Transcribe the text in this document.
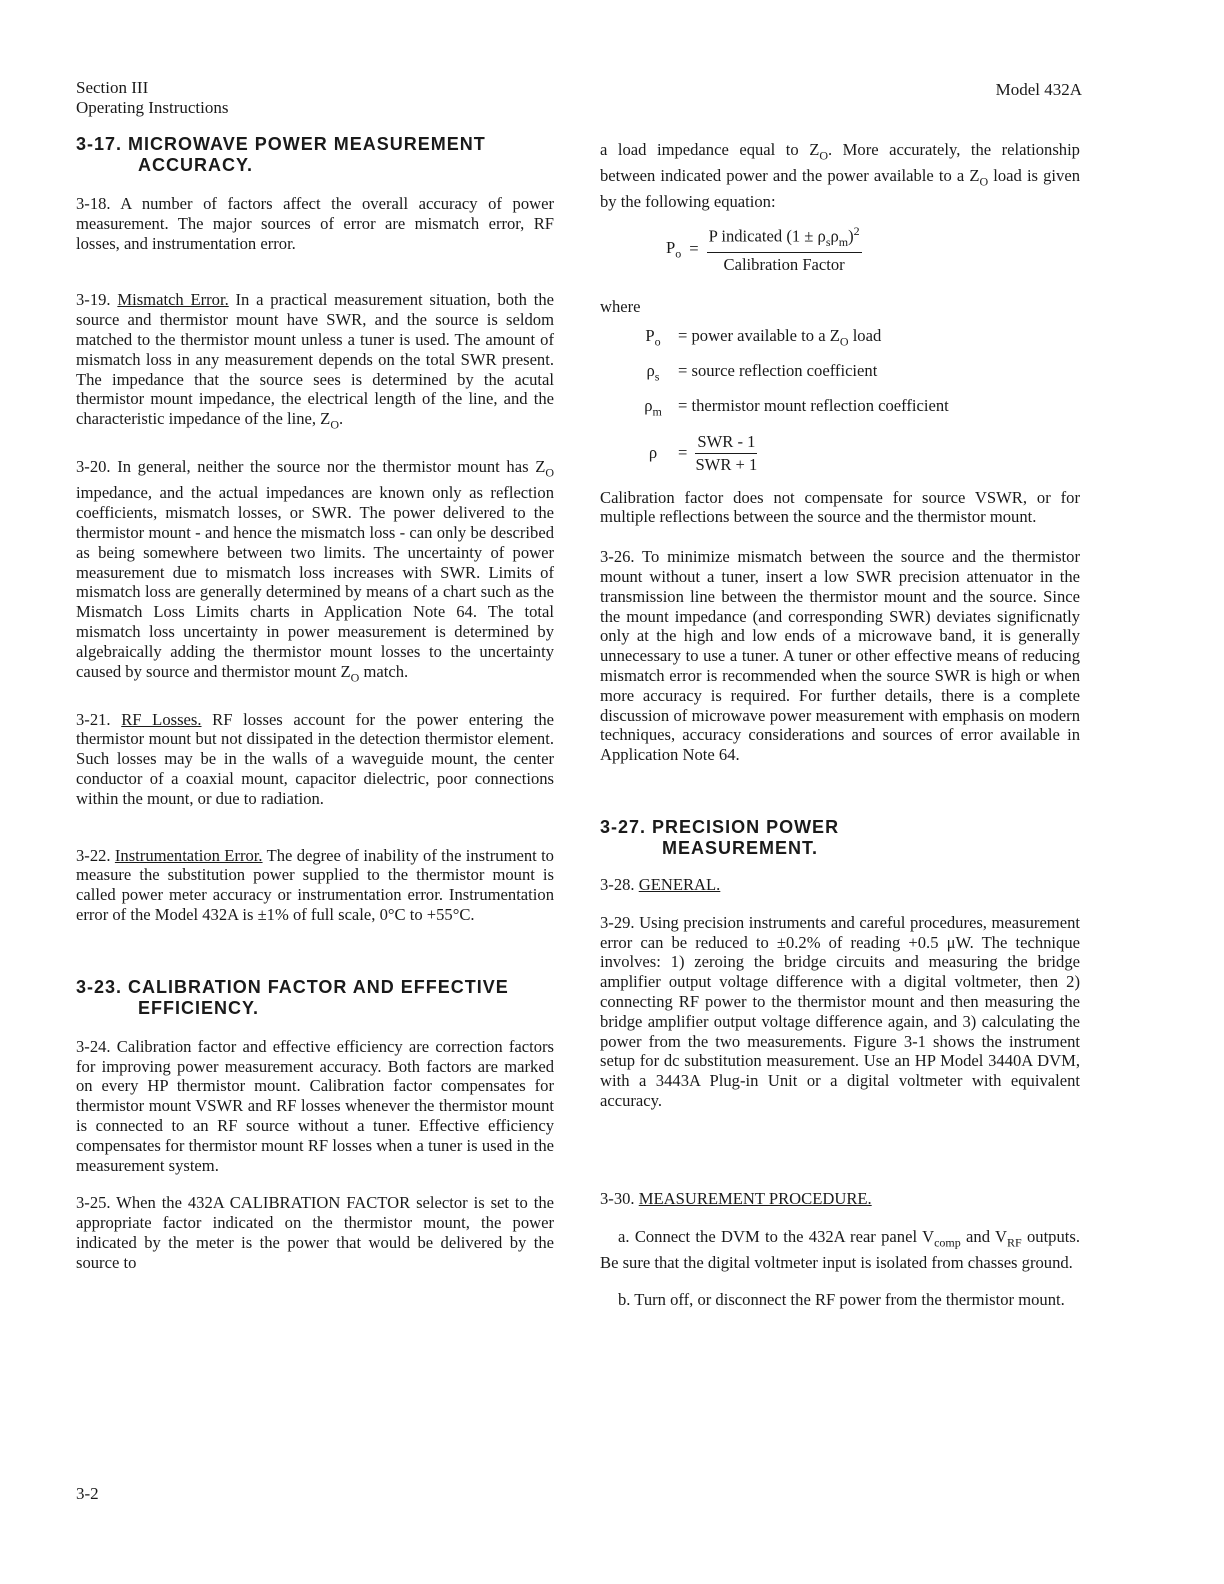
Section III
Operating Instructions
Model 432A
3-17. MICROWAVE POWER MEASUREMENT
ACCURACY.

3-18. A number of factors affect the overall accuracy of power measurement. The major sources of error are mismatch error, RF losses, and instrumentation error.

3-19. Mismatch Error. In a practical measurement situation, both the source and thermistor mount have SWR, and the source is seldom matched to the thermistor mount unless a tuner is used. The amount of mismatch loss in any measurement depends on the total SWR present. The impedance that the source sees is determined by the acutal thermistor mount impedance, the electrical length of the line, and the characteristic impedance of the line, $Z_O$.

3-20. In general, neither the source nor the thermistor mount has $Z_O$ impedance, and the actual impedances are known only as reflection coefficients, mismatch losses, or SWR. The power delivered to the thermistor mount - and hence the mismatch loss - can only be described as being somewhere between two limits. The uncertainty of power measurement due to mismatch loss increases with SWR. Limits of mismatch loss are generally determined by means of a chart such as the Mismatch Loss Limits charts in Application Note 64. The total mismatch loss uncertainty in power measurement is determined by algebraically adding the thermistor mount losses to the uncertainty caused by source and thermistor mount $Z_O$ match.

3-21. RF Losses. RF losses account for the power entering the thermistor mount but not dissipated in the detection thermistor element. Such losses may be in the walls of a waveguide mount, the center conductor of a coaxial mount, capacitor dielectric, poor connections within the mount, or due to radiation.

3-22. Instrumentation Error. The degree of inability of the instrument to measure the substitution power supplied to the thermistor mount is called power meter accuracy or instrumentation error. Instrumentation error of the Model 432A is ±1% of full scale, 0°C to +55°C.

3-23. CALIBRATION FACTOR AND EFFECTIVE
EFFICIENCY.

3-24. Calibration factor and effective efficiency are correction factors for improving power measurement accuracy. Both factors are marked on every HP thermistor mount. Calibration factor compensates for thermistor mount VSWR and RF losses whenever the thermistor mount is connected to an RF source without a tuner. Effective efficiency compensates for thermistor mount RF losses when a tuner is used in the measurement system.

3-25. When the 432A CALIBRATION FACTOR selector is set to the appropriate factor indicated on the thermistor mount, the power indicated by the meter is the power that would be delivered by the source to

a load impedance equal to $Z_O$. More accurately, the relationship between indicated power and the power available to a $Z_O$ load is given by the following equation:

$P_o = \frac{P indicated (1 \pm \rho_s\rho_m)^2}{\text{Calibration Factor}}$

where

$P_o$	= power available to a $Z_O$ load
$\rho_s$	= source reflection coefficient
$\rho_m$ = thermistor mount reflection coefficient
ρ	= $\frac{\text{SWR - 1}}{\text{SWR + 1}}$

Calibration factor does not compensate for source VSWR, or for multiple reflections between the source and the thermistor mount.

3-26. To minimize mismatch between the source and the thermistor mount without a tuner, insert a low SWR precision attenuator in the transmission line between the thermistor mount and the source. Since the mount impedance (and corresponding SWR) deviates significnatly only at the high and low ends of a microwave band, it is generally unnecessary to use a tuner. A tuner or other effective means of reducing mismatch error is recommended when the source SWR is high or when more accuracy is required. For further details, there is a complete discussion of microwave power measurement with emphasis on modern techniques, accuracy considerations and sources of error available in Application Note 64.

3-27. PRECISION POWER
MEASUREMENT.

3-28. GENERAL.

3-29. Using precision instruments and careful procedures, measurement error can be reduced to ±0.2% of reading +0.5 μW. The technique involves: 1) zeroing the bridge circuits and measuring the bridge amplifier output voltage difference with a digital voltmeter, then 2) connecting RF power to the thermistor mount and then measuring the bridge amplifier output voltage difference again, and 3) calculating the power from the two measurements. Figure 3-1 shows the instrument setup for dc substitution measurement. Use an HP Model 3440A DVM, with a 3443A Plug-in Unit or a digital voltmeter with equivalent accuracy.

3-30. MEASUREMENT PROCEDURE.

a. Connect the DVM to the 432A rear panel $V_{comp}$ and $V_{RF}$ outputs. Be sure that the digital voltmeter input is isolated from chasses ground.

b. Turn off, or disconnect the RF power from the thermistor mount.

3-2
